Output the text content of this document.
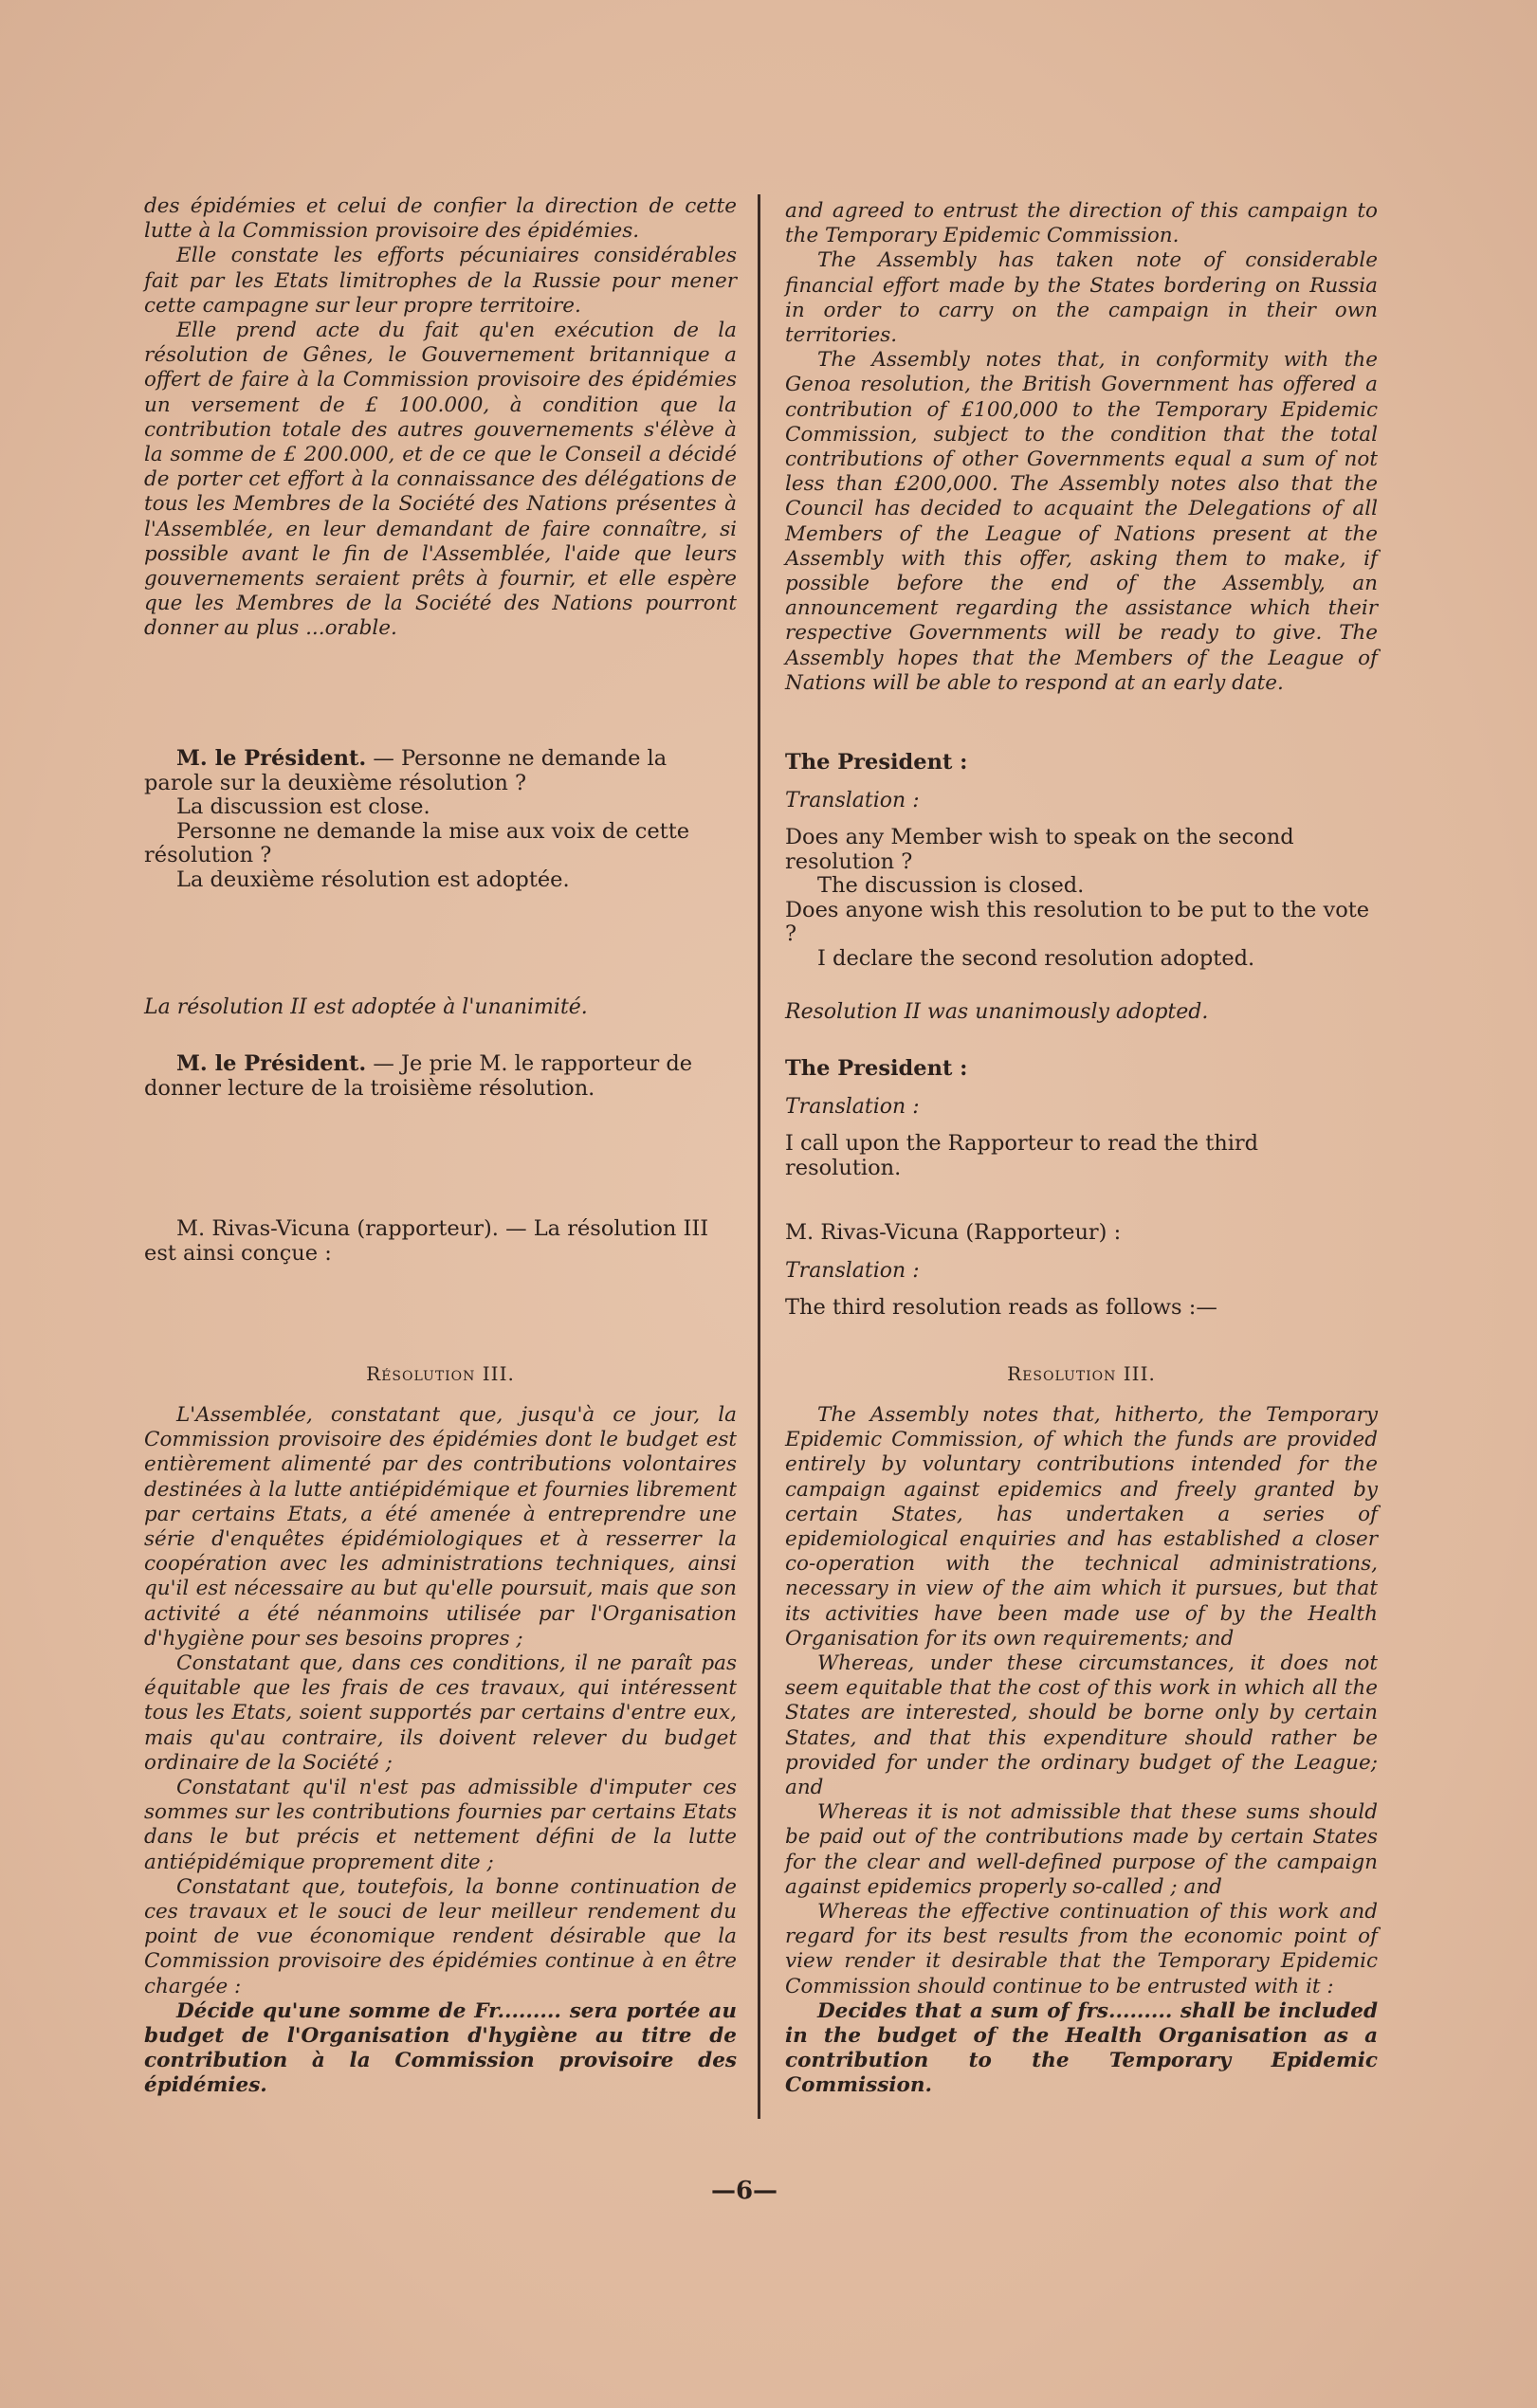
des épidémies et celui de confier la direction de cette lutte à la Commission provisoire des épidémies.

Elle constate les efforts pécuniaires considérables fait par les Etats limitrophes de la Russie pour mener cette campagne sur leur propre territoire.

Elle prend acte du fait qu'en exécution de la résolution de Gênes, le Gouvernement britannique a offert de faire à la Commission provisoire des épidémies un versement de £ 100.000, à condition que la contribution totale des autres gouvernements s'élève à la somme de £ 200.000, et de ce que le Conseil a décidé de porter cet effort à la connaissance des délégations de tous les Membres de la Société des Nations présentes à l'Assemblée, en leur demandant de faire connaître, si possible avant le fin de l'Assemblée, l'aide que leurs gouvernements seraient prêts à fournir, et elle espère que les Membres de la Société des Nations pourront donner au plus ...orable.

M. le Président. — Personne ne demande la parole sur la deuxième résolution ?

La discussion est close.

Personne ne demande la mise aux voix de cette résolution ?

La deuxième résolution est adoptée.

La résolution II est adoptée à l'unanimité.

M. le Président. — Je prie M. le rapporteur de donner lecture de la troisième résolution.

M. Rivas-Vicuna (rapporteur). — La résolution III est ainsi conçue :

Résolution III.

L'Assemblée, constatant que, jusqu'à ce jour, la Commission provisoire des épidémies dont le budget est entièrement alimenté par des contributions volontaires destinées à la lutte antiépidémique et fournies librement par certains Etats, a été amenée à entreprendre une série d'enquêtes épidémiologiques et à resserrer la coopération avec les administrations techniques, ainsi qu'il est nécessaire au but qu'elle poursuit, mais que son activité a été néanmoins utilisée par l'Organisation d'hygiène pour ses besoins propres ;

Constatant que, dans ces conditions, il ne paraît pas équitable que les frais de ces travaux, qui intéressent tous les Etats, soient supportés par certains d'entre eux, mais qu'au contraire, ils doivent relever du budget ordinaire de la Société ;

Constatant qu'il n'est pas admissible d'imputer ces sommes sur les contributions fournies par certains Etats dans le but précis et nettement défini de la lutte antiépidémique proprement dite ;

Constatant que, toutefois, la bonne continuation de ces travaux et le souci de leur meilleur rendement du point de vue économique rendent désirable que la Commission provisoire des épidémies continue à en être chargée :

Décide qu'une somme de Fr......... sera portée au budget de l'Organisation d'hygiène au titre de contribution à la Commission provisoire des épidémies.

and agreed to entrust the direction of this campaign to the Temporary Epidemic Commission.

The Assembly has taken note of considerable financial effort made by the States bordering on Russia in order to carry on the campaign in their own territories.

The Assembly notes that, in conformity with the Genoa resolution, the British Government has offered a contribution of £100,000 to the Temporary Epidemic Commission, subject to the condition that the total contributions of other Governments equal a sum of not less than £200,000. The Assembly notes also that the Council has decided to acquaint the Delegations of all Members of the League of Nations present at the Assembly with this offer, asking them to make, if possible before the end of the Assembly, an announcement regarding the assistance which their respective Governments will be ready to give. The Assembly hopes that the Members of the League of Nations will be able to respond at an early date.

The President :

Translation :

Does any Member wish to speak on the second resolution ?

The discussion is closed.

Does anyone wish this resolution to be put to the vote ?

I declare the second resolution adopted.

Resolution II was unanimously adopted.

The President :

Translation :

I call upon the Rapporteur to read the third resolution.

M. Rivas-Vicuna (Rapporteur) :

Translation :

The third resolution reads as follows :—

Resolution III.

The Assembly notes that, hitherto, the Temporary Epidemic Commission, of which the funds are provided entirely by voluntary contributions intended for the campaign against epidemics and freely granted by certain States, has undertaken a series of epidemiological enquiries and has established a closer co-operation with the technical administrations, necessary in view of the aim which it pursues, but that its activities have been made use of by the Health Organisation for its own requirements; and

Whereas, under these circumstances, it does not seem equitable that the cost of this work in which all the States are interested, should be borne only by certain States, and that this expenditure should rather be provided for under the ordinary budget of the League; and

Whereas it is not admissible that these sums should be paid out of the contributions made by certain States for the clear and well-defined purpose of the campaign against epidemics properly so-called ; and

Whereas the effective continuation of this work and regard for its best results from the economic point of view render it desirable that the Temporary Epidemic Commission should continue to be entrusted with it :

Decides that a sum of frs......... shall be included in the budget of the Health Organisation as a contribution to the Temporary Epidemic Commission.

—6—
